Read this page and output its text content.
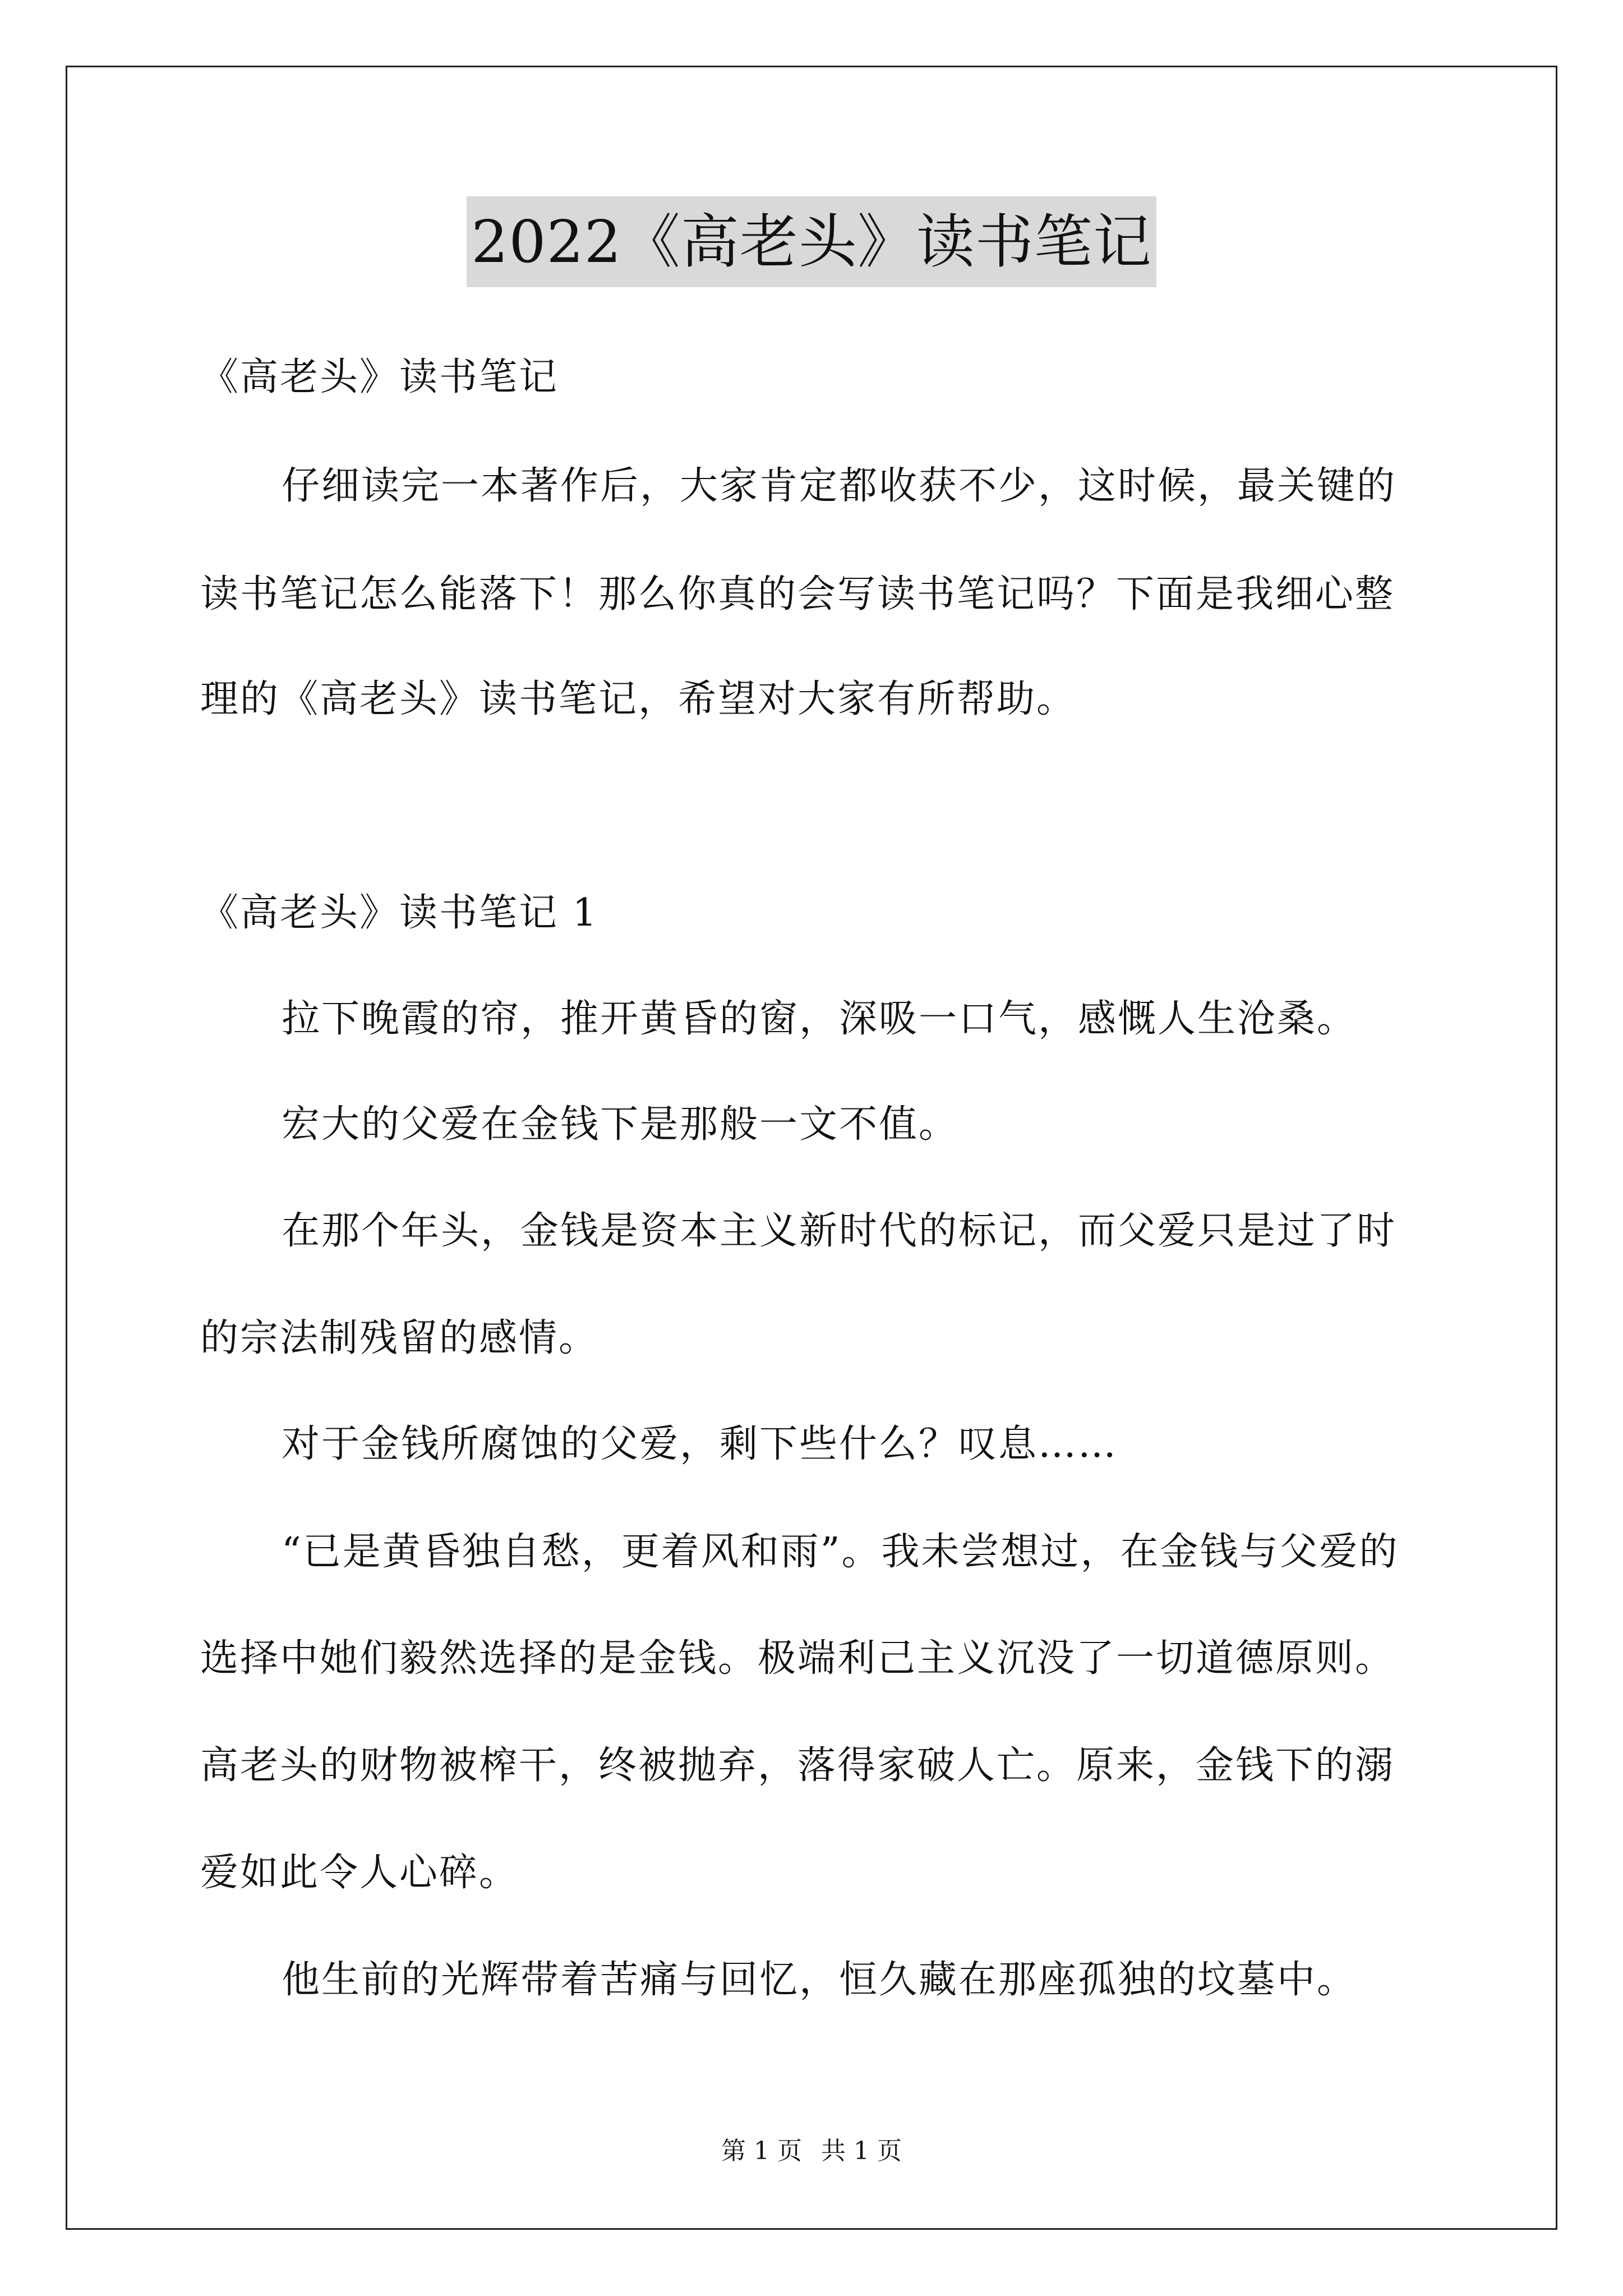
2022《高老头》读书笔记
《高老头》读书笔记
仔细读完一本著作后，大家肯定都收获不少，这时候，最关键的
读书笔记怎么能落下！那么你真的会写读书笔记吗？下面是我细心整
理的《高老头》读书笔记，希望对大家有所帮助。
《高老头》读书笔记 1
拉下晚霞的帘，推开黄昏的窗，深吸一口气，感慨人生沧桑。
宏大的父爱在金钱下是那般一文不值。
在那个年头，金钱是资本主义新时代的标记，而父爱只是过了时
的宗法制残留的感情。
对于金钱所腐蚀的父爱，剩下些什么？叹息……
“已是黄昏独自愁，更着风和雨”。我未尝想过，在金钱与父爱的
选择中她们毅然选择的是金钱。极端利己主义沉没了一切道德原则。
高老头的财物被榨干，终被抛弃，落得家破人亡。原来，金钱下的溺
爱如此令人心碎。
他生前的光辉带着苦痛与回忆，恒久藏在那座孤独的坟墓中。
第 1 页 共 1 页
